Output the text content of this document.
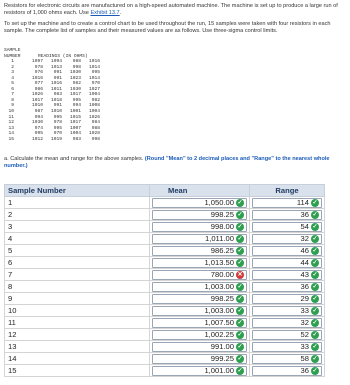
Resistors for electronic circuits are manufactured on a high-speed automated machine. The machine is set up to produce a large run of resistors of 1,000 ohms each. Use Exhibit 13.7.

To set up the machine and to create a control chart to be used throughout the run, 15 samples were taken with four resistors in each sample. The complete list of samples and their measured values are as follows. Use three-sigma control limits.

SAMPLE
NUMBER	READINGS (IN OHMS)
1	1097	1094	988	1016
2	978	1013	998	1014
3	976	991	1030	995
4	1016	991	1023	1014
5	977	1016	982	970
6	986	1011	1030	1027
7	1026	983	1017	1004
8	1017	1018	995	982
9	1010	991	994	1008
10	987	1010	1001	1004
11	994	995	1015	1026
12	1030	978	1017	984
13	974	995	1007	988
14	995	970	1004	1028
15	1012	1019	983	998
a. Calculate the mean and range for the above samples. (Round "Mean" to 2 decimal places and "Range" to the nearest whole number.)
Sample Number	Mean	Range
1	1,050.00 ✓	114 ✓

2	998.25 ✓	36 ✓

3	998.00 ✓	54 ✓

4	1,011.00 ✓	32 ✓

5	986.25 ✓	46 ✓

6	1,013.50 ✓	44 ✓

7	780.00 ✕	43 ✓

8	1,003.00 ✓	36 ✓

9	998.25 ✓	29 ✓

10	1,003.00 ✓	33 ✓

11	1,007.50 ✓	32 ✓

12	1,002.25 ✓	52 ✓

13	991.00 ✓	33 ✓

14	999.25 ✓	58 ✓

15	1,001.00 ✓	36 ✓
